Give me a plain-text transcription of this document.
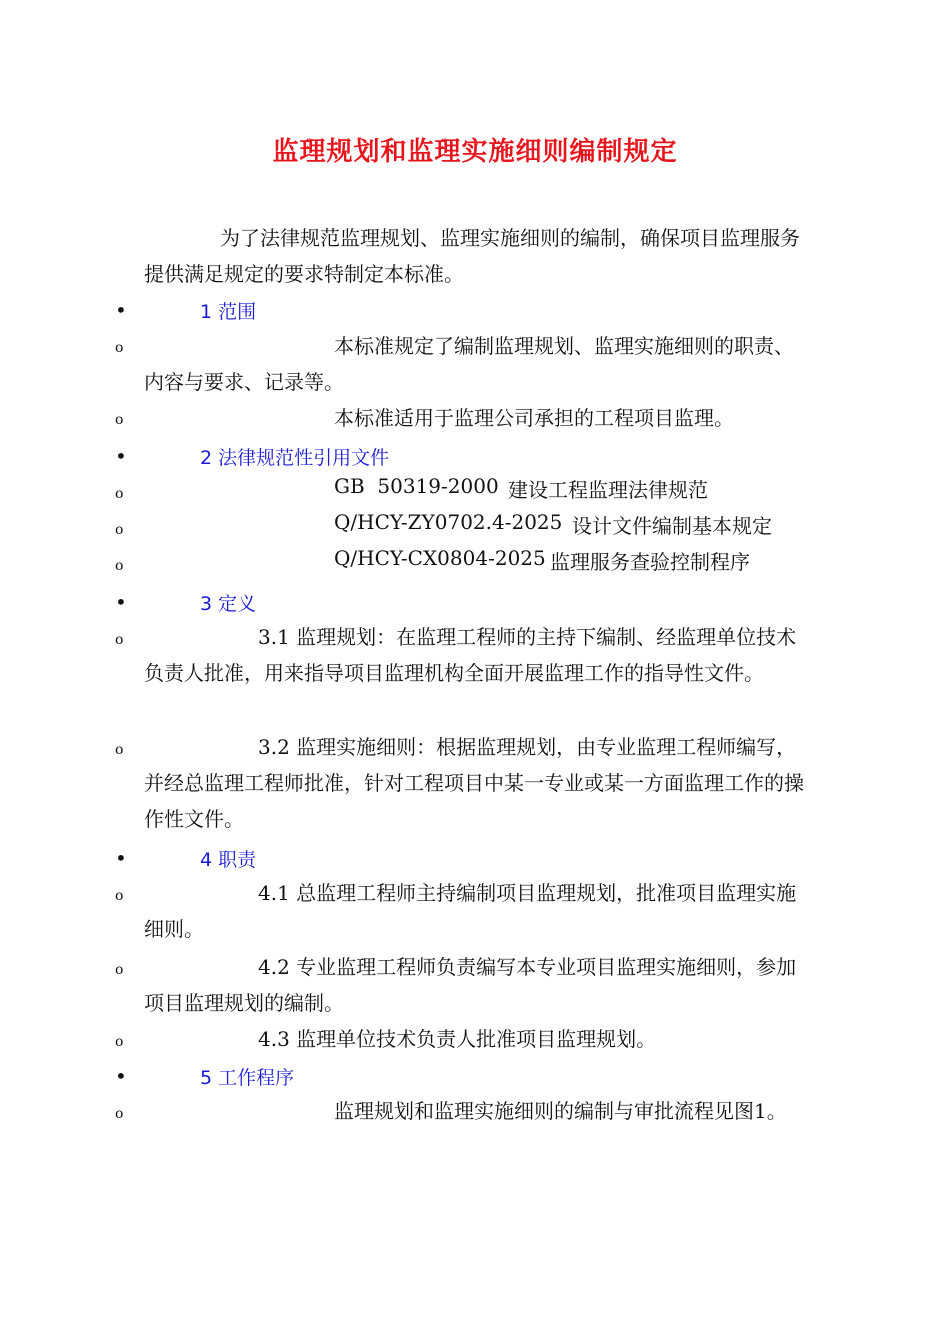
监理规划和监理实施细则编制规定
为了法律规范监理规划、监理实施细则的编制，确保项目监理服务提供满足规定的要求特制定本标准。
•	1 范围
o	本标准规定了编制监理规划、监理实施细则的职责、内容与要求、记录等。
o	本标准适用于监理公司承担的工程项目监理。
•	2 法律规范性引用文件
o	GB  50319-2000 建设工程监理法律规范
o	Q/HCY-ZY0702.4-2025 设计文件编制基本规定
o	Q/HCY-CX0804-2025 监理服务查验控制程序
•	3 定义
o	3.1 监理规划：在监理工程师的主持下编制、经监理单位技术负责人批准，用来指导项目监理机构全面开展监理工作的指导性文件。
o	3.2 监理实施细则：根据监理规划，由专业监理工程师编写，并经总监理工程师批准，针对工程项目中某一专业或某一方面监理工作的操作性文件。
•	4 职责
o	4.1 总监理工程师主持编制项目监理规划，批准项目监理实施细则。
o	4.2 专业监理工程师负责编写本专业项目监理实施细则，参加项目监理规划的编制。
o	4.3 监理单位技术负责人批准项目监理规划。
•	5 工作程序
o	监理规划和监理实施细则的编制与审批流程见图1。
